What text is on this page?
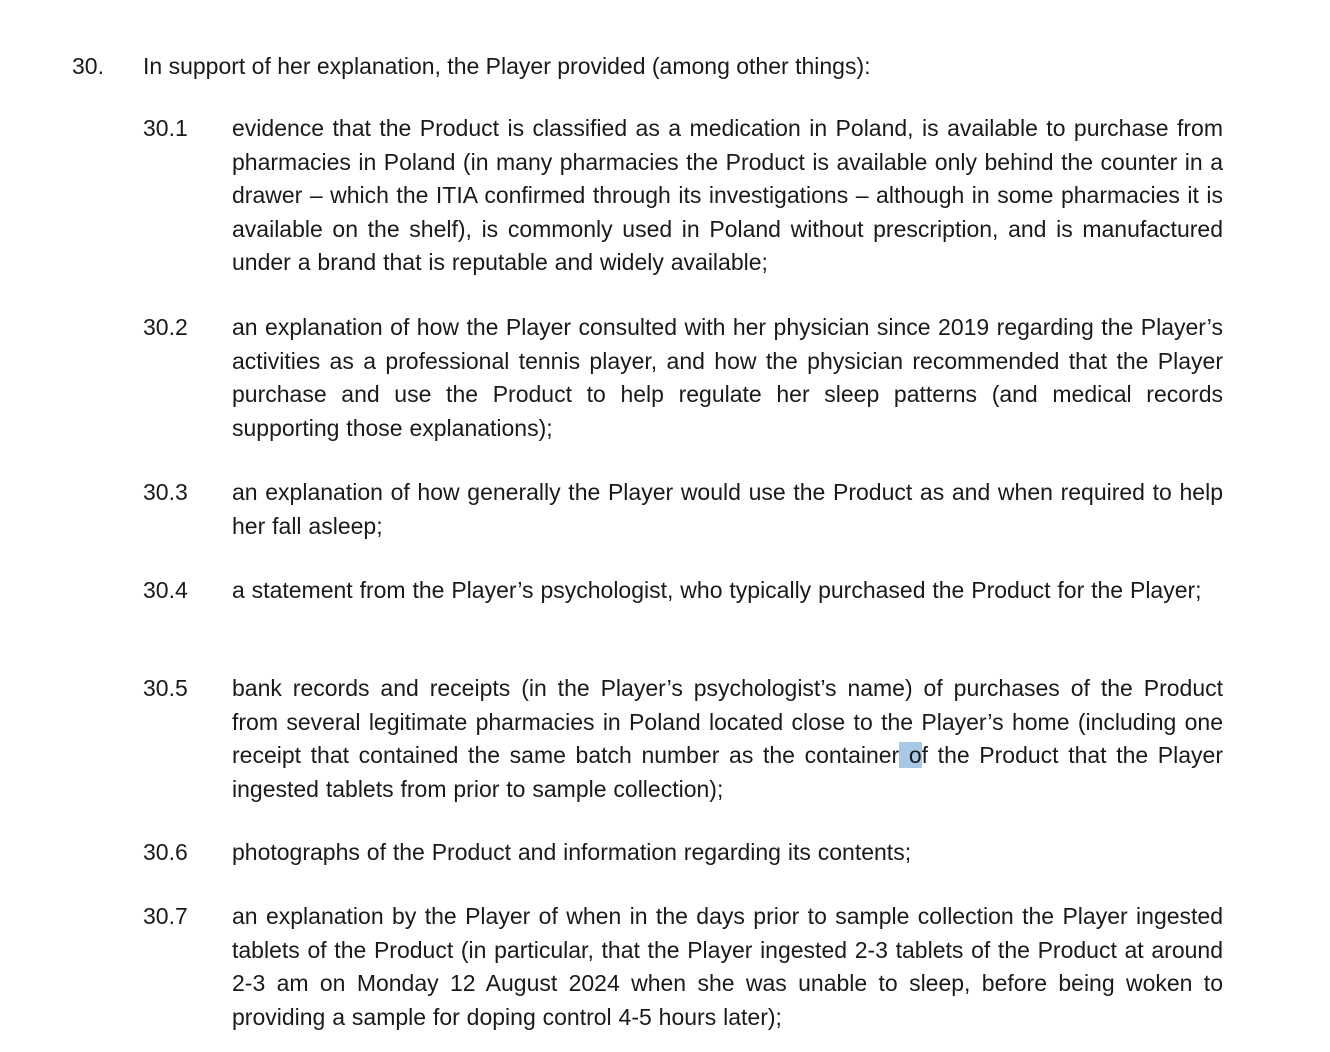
30. In support of her explanation, the Player provided (among other things):
30.1 evidence that the Product is classified as a medication in Poland, is available to purchase from pharmacies in Poland (in many pharmacies the Product is available only behind the counter in a drawer – which the ITIA confirmed through its investigations – although in some pharmacies it is available on the shelf), is commonly used in Poland without prescription, and is manufactured under a brand that is reputable and widely available;
30.2 an explanation of how the Player consulted with her physician since 2019 regarding the Player’s activities as a professional tennis player, and how the physician recommended that the Player purchase and use the Product to help regulate her sleep patterns (and medical records supporting those explanations);
30.3 an explanation of how generally the Player would use the Product as and when required to help her fall asleep;
30.4 a statement from the Player’s psychologist, who typically purchased the Product for the Player;
30.5 bank records and receipts (in the Player’s psychologist’s name) of purchases of the Product from several legitimate pharmacies in Poland located close to the Player’s home (including one receipt that contained the same batch number as the container of the Product that the Player ingested tablets from prior to sample collection);
30.6 photographs of the Product and information regarding its contents;
30.7 an explanation by the Player of when in the days prior to sample collection the Player ingested tablets of the Product (in particular, that the Player ingested 2-3 tablets of the Product at around 2-3 am on Monday 12 August 2024 when she was unable to sleep, before being woken to providing a sample for doping control 4-5 hours later);
